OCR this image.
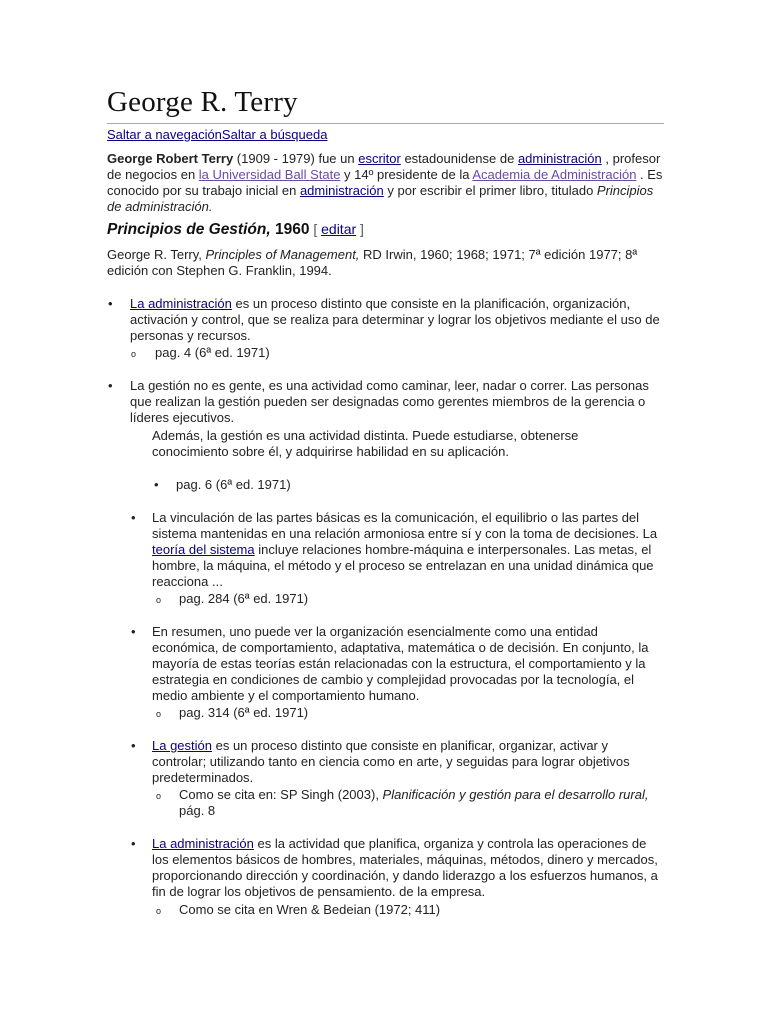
George R. Terry
Saltar a navegaciónSaltar a búsqueda
George Robert Terry (1909 - 1979) fue un escritor estadounidense de administración , profesor de negocios en la Universidad Ball State y 14º presidente de la Academia de Administración . Es conocido por su trabajo inicial en administración y por escribir el primer libro, titulado Principios de administración.
Principios de Gestión, 1960 [ editar ]
George R. Terry, Principles of Management, RD Irwin, 1960; 1968; 1971; 7ª edición 1977; 8ª edición con Stephen G. Franklin, 1994.
• La administración es un proceso distinto que consiste en la planificación, organización, activación y control, que se realiza para determinar y lograr los objetivos mediante el uso de personas y recursos.
o pag. 4 (6ª ed. 1971)
• La gestión no es gente, es una actividad como caminar, leer, nadar o correr. Las personas que realizan la gestión pueden ser designadas como gerentes miembros de la gerencia o líderes ejecutivos.
Además, la gestión es una actividad distinta. Puede estudiarse, obtenerse conocimiento sobre él, y adquirirse habilidad en su aplicación.
• pag. 6 (6ª ed. 1971)
• La vinculación de las partes básicas es la comunicación, el equilibrio o las partes del sistema mantenidas en una relación armoniosa entre sí y con la toma de decisiones. La teoría del sistema incluye relaciones hombre-máquina e interpersonales. Las metas, el hombre, la máquina, el método y el proceso se entrelazan en una unidad dinámica que reacciona ...
o pag. 284 (6ª ed. 1971)
• En resumen, uno puede ver la organización esencialmente como una entidad económica, de comportamiento, adaptativa, matemática o de decisión. En conjunto, la mayoría de estas teorías están relacionadas con la estructura, el comportamiento y la estrategia en condiciones de cambio y complejidad provocadas por la tecnología, el medio ambiente y el comportamiento humano.
o pag. 314 (6ª ed. 1971)
• La gestión es un proceso distinto que consiste en planificar, organizar, activar y controlar; utilizando tanto en ciencia como en arte, y seguidas para lograr objetivos predeterminados.
o Como se cita en: SP Singh (2003), Planificación y gestión para el desarrollo rural, pág. 8
• La administración es la actividad que planifica, organiza y controla las operaciones de los elementos básicos de hombres, materiales, máquinas, métodos, dinero y mercados, proporcionando dirección y coordinación, y dando liderazgo a los esfuerzos humanos, a fin de lograr los objetivos de pensamiento. de la empresa.
o Como se cita en Wren & Bedeian (1972; 411)
